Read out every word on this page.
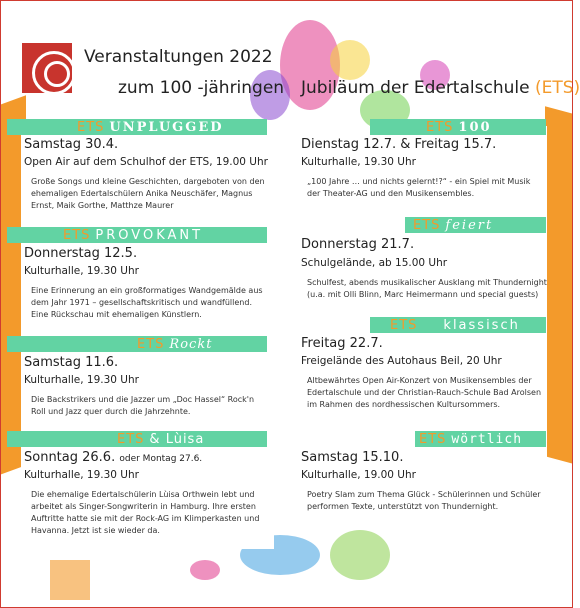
Veranstaltungen 2022
zum 100 -jähringen Jubiläum der Edertalschule (ETS)
ETS UNPLUGGED
Samstag 30.4.
Open Air auf dem Schulhof der ETS, 19.00 Uhr
Große Songs und kleine Geschichten, dargeboten von den ehemaligen Edertalschülern Anika Neuschäfer, Magnus Ernst, Maik Gorthe, Matthze Maurer
ETS PROVOKANT
Donnerstag 12.5.
Kulturhalle, 19.30 Uhr
Eine Erinnerung an ein großformatiges Wandgemälde aus dem Jahr 1971 – gesellschaftskritisch und wandfüllend. Eine Rückschau mit ehemaligen Künstlern.
ETS Rockt
Samstag 11.6.
Kulturhalle, 19.30 Uhr
Die Backstrikers und die Jazzer um „Doc Hassel“ Rock'n Roll und Jazz quer durch die Jahrzehnte.
ETS & Lùisa
Sonntag 26.6. oder Montag 27.6.
Kulturhalle, 19.30 Uhr
Die ehemalige Edertalschülerin Lùisa Orthwein lebt und arbeitet als Singer-Songwriterin in Hamburg. Ihre ersten Auftritte hatte sie mit der Rock-AG im Klimperkasten und Havanna. Jetzt ist sie wieder da.
ETS 100
Dienstag 12.7. & Freitag 15.7.
Kulturhalle, 19.30 Uhr
„100 Jahre … und nichts gelernt!?“ - ein Spiel mit Musik der Theater-AG und den Musikensembles.
ETS feiert
Donnerstag 21.7.
Schulgelände, ab 15.00 Uhr
Schulfest, abends musikalischer Ausklang mit Thundernight (u.a. mit Olli Blinn, Marc Heimermann und special guests)
ETS klassisch
Freitag 22.7.
Freigelände des Autohaus Beil, 20 Uhr
Altbewährtes Open Air-Konzert von Musikensembles der Edertalschule und der Christian-Rauch-Schule Bad Arolsen im Rahmen des nordhessischen Kultursommers.
ETS wörtlich
Samstag 15.10.
Kulturhalle, 19.00 Uhr
Poetry Slam zum Thema Glück - Schülerinnen und Schüler performen Texte, unterstützt von Thundernight.
